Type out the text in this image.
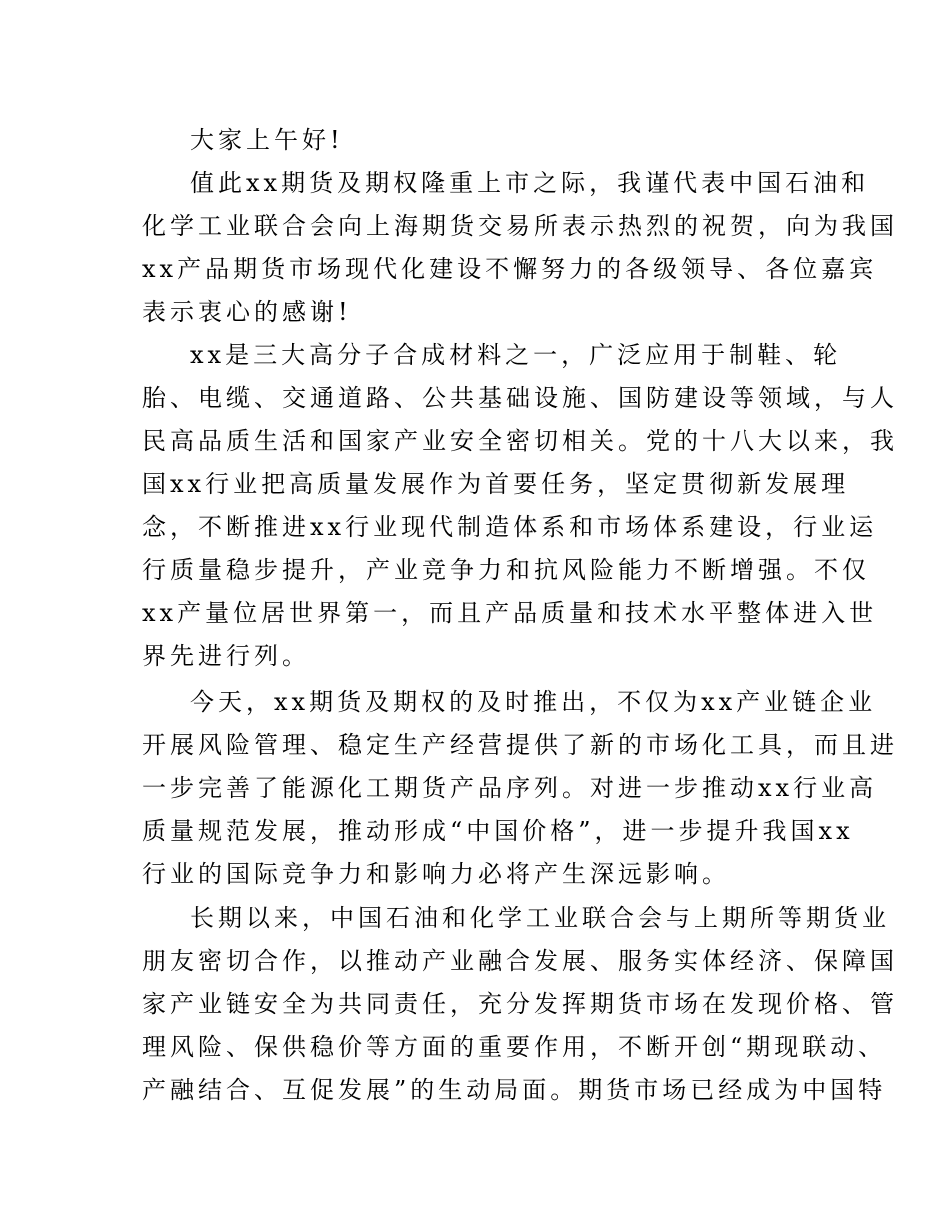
大家上午好!
值此xx期货及期权隆重上市之际，我谨代表中国石油和
化学工业联合会向上海期货交易所表示热烈的祝贺，向为我国
xx产品期货市场现代化建设不懈努力的各级领导、各位嘉宾
表示衷心的感谢!
xx是三大高分子合成材料之一，广泛应用于制鞋、轮
胎、电缆、交通道路、公共基础设施、国防建设等领域，与人
民高品质生活和国家产业安全密切相关。党的十八大以来，我
国xx行业把高质量发展作为首要任务，坚定贯彻新发展理
念，不断推进xx行业现代制造体系和市场体系建设，行业运
行质量稳步提升，产业竞争力和抗风险能力不断增强。不仅
xx产量位居世界第一，而且产品质量和技术水平整体进入世
界先进行列。
今天，xx期货及期权的及时推出，不仅为xx产业链企业
开展风险管理、稳定生产经营提供了新的市场化工具，而且进
一步完善了能源化工期货产品序列。对进一步推动xx行业高
质量规范发展，推动形成“中国价格”，进一步提升我国xx
行业的国际竞争力和影响力必将产生深远影响。
长期以来，中国石油和化学工业联合会与上期所等期货业
朋友密切合作，以推动产业融合发展、服务实体经济、保障国
家产业链安全为共同责任，充分发挥期货市场在发现价格、管
理风险、保供稳价等方面的重要作用，不断开创“期现联动、
产融结合、互促发展”的生动局面。期货市场已经成为中国特
